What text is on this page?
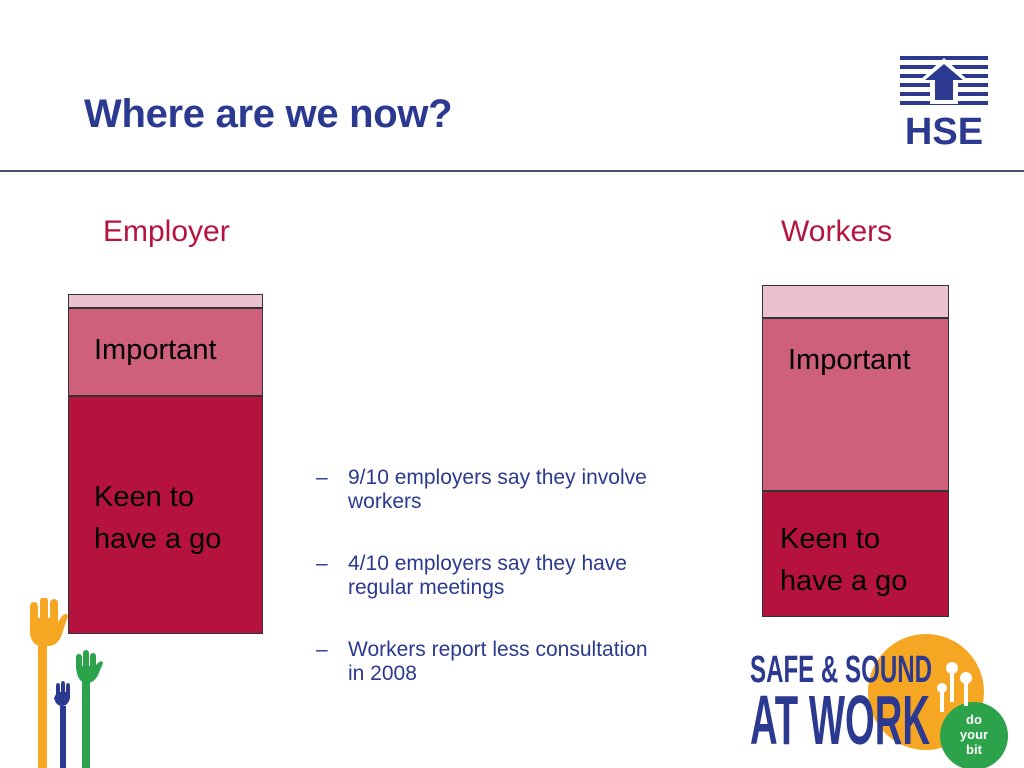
Where are we now?	HSE
Employer	Workers
Important
Keen to have a go
Important
Keen to have a go
– 9/10 employers say they involve
workers
– 4/10 employers say they have
regular meetings
– Workers report less consultation
in 2008	SAFE & SOUND
AT WORK	do
your
bit
